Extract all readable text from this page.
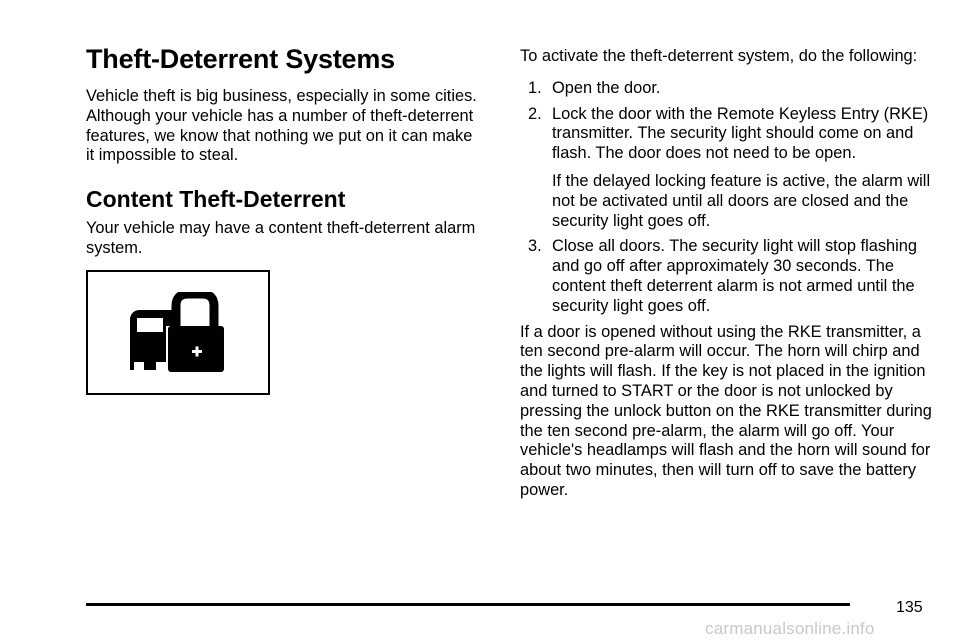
Theft-Deterrent Systems

Vehicle theft is big business, especially in some cities. Although your vehicle has a number of theft-deterrent features, we know that nothing we put on it can make it impossible to steal.

Content Theft-Deterrent

Your vehicle may have a content theft-deterrent alarm system.

To activate the theft-deterrent system, do the following:

1. Open the door.
2. Lock the door with the Remote Keyless Entry (RKE) transmitter. The security light should come on and flash. The door does not need to be open.
If the delayed locking feature is active, the alarm will not be activated until all doors are closed and the security light goes off.
3. Close all doors. The security light will stop flashing and go off after approximately 30 seconds. The content theft deterrent alarm is not armed until the security light goes off.

If a door is opened without using the RKE transmitter, a ten second pre-alarm will occur. The horn will chirp and the lights will flash. If the key is not placed in the ignition and turned to START or the door is not unlocked by pressing the unlock button on the RKE transmitter during the ten second pre-alarm, the alarm will go off. Your vehicle's headlamps will flash and the horn will sound for about two minutes, then will turn off to save the battery power.

135
carmanualsonline.info
